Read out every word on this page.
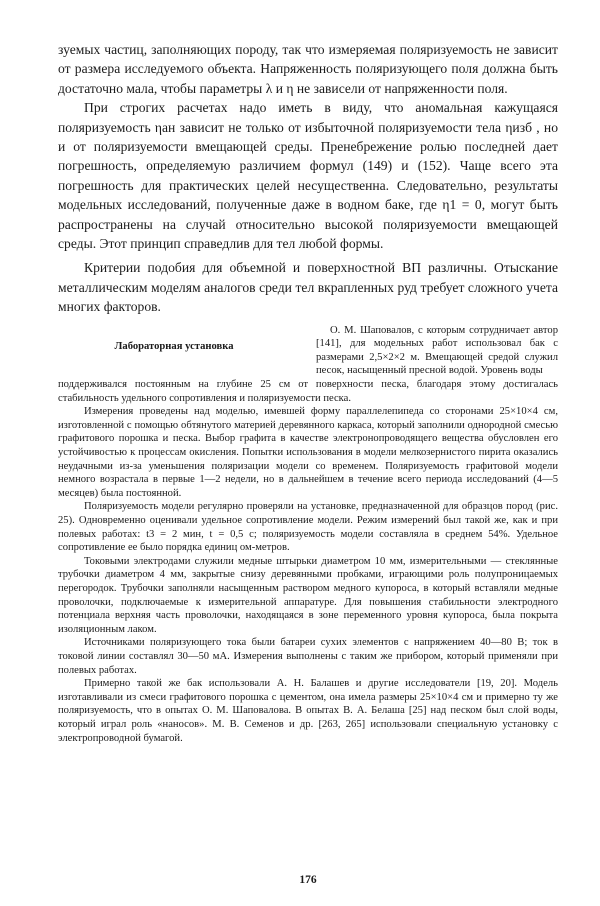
зуемых частиц, заполняющих породу, так что измеряемая поляризуемость не зависит от размера исследуемого объекта. Напряженность поляризующего поля должна быть достаточно мала, чтобы параметры λ и η не зависели от напряженности поля.

При строгих расчетах надо иметь в виду, что аномальная кажущаяся поляризуемость ηан зависит не только от избыточной поляризуемости тела ηизб , но и от поляризуемости вмещающей среды. Пренебрежение ролью последней дает погрешность, определяемую различием формул (149) и (152). Чаще всего эта погрешность для практических целей несущественна. Следовательно, результаты модельных исследований, полученные даже в водном баке, где η1 = 0, могут быть распространены на случай относительно высокой поляризуемости вмещающей среды. Этот принцип справедлив для тел любой формы.

Критерии подобия для объемной и поверхностной ВП различны. Отыскание металлическим моделям аналогов среди тел вкрапленных руд требует сложного учета многих факторов.

Лабораторная установка

О. М. Шаповалов, с которым сотрудничает автор [141], для модельных работ использовал бак с размерами 2,5×2×2 м. Вмещающей средой служил песок, насыщенный пресной водой. Уровень воды

поддерживался постоянным на глубине 25 см от поверхности песка, благодаря этому достигалась стабильность удельного сопротивления и поляризуемости песка.

Измерения проведены над моделью, имевшей форму параллелепипеда со сторонами 25×10×4 см, изготовленной с помощью обтянутого материей деревянного каркаса, который заполнили однородной смесью графитового порошка и песка. Выбор графита в качестве электронопроводящего вещества обусловлен его устойчивостью к процессам окисления. Попытки использования в модели мелкозернистого пирита оказались неудачными из-за уменьшения поляризации модели со временем. Поляризуемость графитовой модели немного возрастала в первые 1—2 недели, но в дальнейшем в течение всего периода исследований (4—5 месяцев) была постоянной.

Поляризуемость модели регулярно проверяли на установке, предназначенной для образцов пород (рис. 25). Одновременно оценивали удельное сопротивление модели. Режим измерений был такой же, как и при полевых работах: t3 = 2 мин, t = 0,5 с; поляризуемость модели составляла в среднем 54%. Удельное сопротивление ее было порядка единиц ом-метров.

Токовыми электродами служили медные штырьки диаметром 10 мм, измерительными — стеклянные трубочки диаметром 4 мм, закрытые снизу деревянными пробками, играющими роль полупроницаемых перегородок. Трубочки заполняли насыщенным раствором медного купороса, в который вставляли медные проволочки, подключаемые к измерительной аппаратуре. Для повышения стабильности электродного потенциала верхняя часть проволочки, находящаяся в зоне переменного уровня купороса, была покрыта изоляционным лаком.

Источниками поляризующего тока были батареи сухих элементов с напряжением 40—80 В; ток в токовой линии составлял 30—50 мА. Измерения выполнены с таким же прибором, который применяли при полевых работах.

Примерно такой же бак использовали А. Н. Балашев и другие исследователи [19, 20]. Модель изготавливали из смеси графитового порошка с цементом, она имела размеры 25×10×4 см и примерно ту же поляризуемость, что в опытах О. М. Шаповалова. В опытах В. А. Белаша [25] над песком был слой воды, который играл роль «наносов». М. В. Семенов и др. [263, 265] использовали специальную установку с электропроводной бумагой.

176
